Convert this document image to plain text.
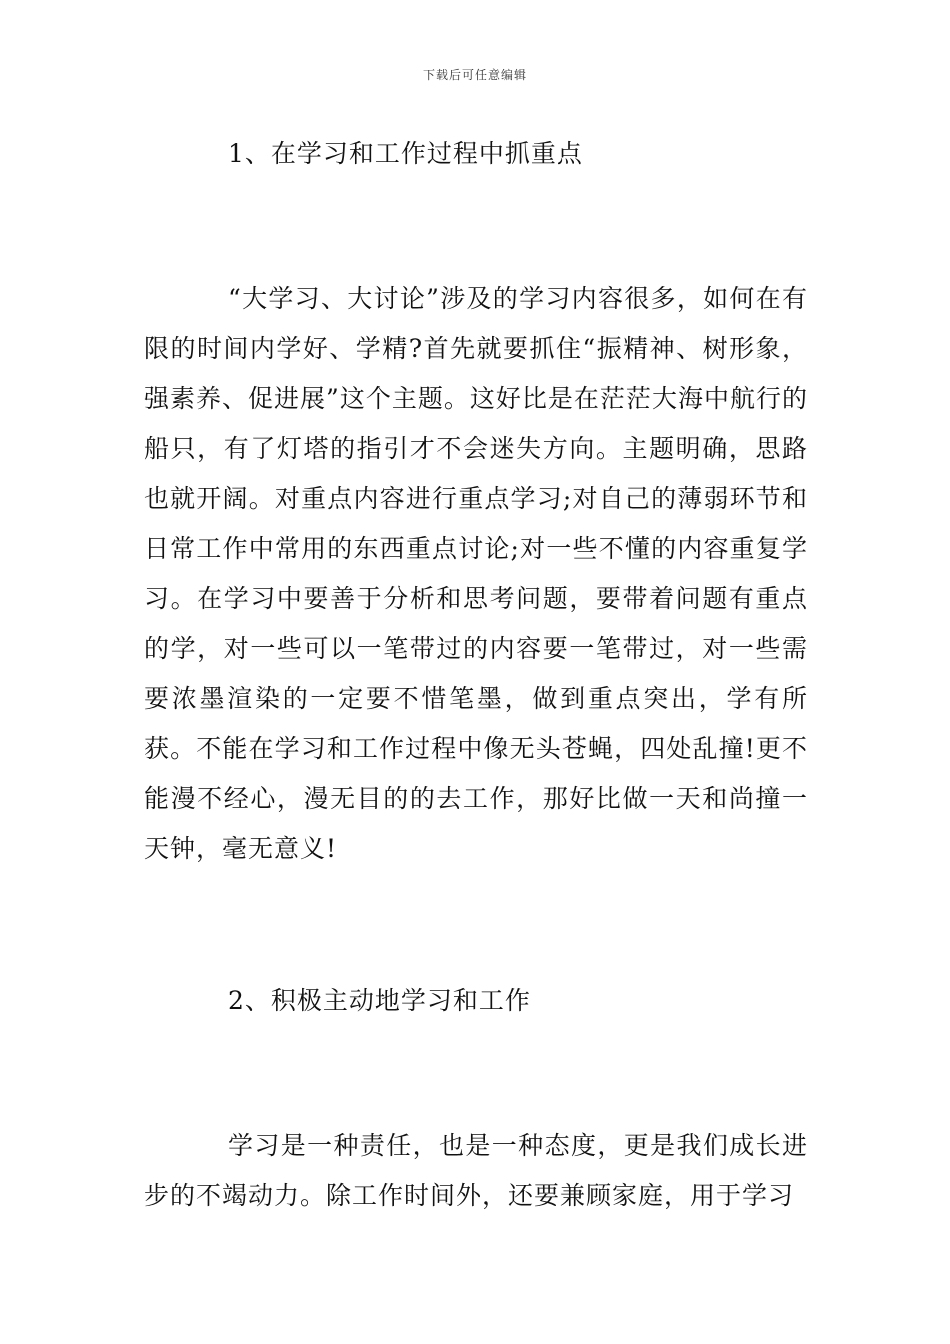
下载后可任意编辑
1、在学习和工作过程中抓重点

“大学习、大讨论”涉及的学习内容很多，如何在有限的时间内学好、学精?首先就要抓住“振精神、树形象，强素养、促进展”这个主题。这好比是在茫茫大海中航行的船只，有了灯塔的指引才不会迷失方向。主题明确，思路也就开阔。对重点内容进行重点学习;对自己的薄弱环节和日常工作中常用的东西重点讨论;对一些不懂的内容重复学习。在学习中要善于分析和思考问题，要带着问题有重点的学，对一些可以一笔带过的内容要一笔带过，对一些需要浓墨渲染的一定要不惜笔墨，做到重点突出，学有所获。不能在学习和工作过程中像无头苍蝇，四处乱撞!更不能漫不经心，漫无目的的去工作，那好比做一天和尚撞一天钟，毫无意义!

2、积极主动地学习和工作

学习是一种责任，也是一种态度，更是我们成长进步的不竭动力。除工作时间外，还要兼顾家庭，用于学习
